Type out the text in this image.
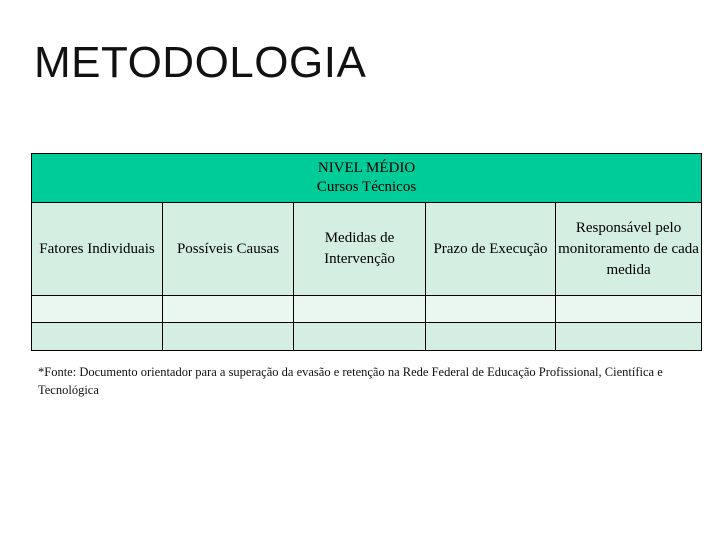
METODOLOGIA
NIVEL MÉDIO
Cursos Técnicos				

Fatores Individuais	Possíveis Causas	Medidas de Intervenção	Prazo de Execução	Responsável pelo monitoramento de cada medida

*Fonte: Documento orientador para a superação da evasão e retenção na Rede Federal de Educação Profissional, Científica e Tecnológica
